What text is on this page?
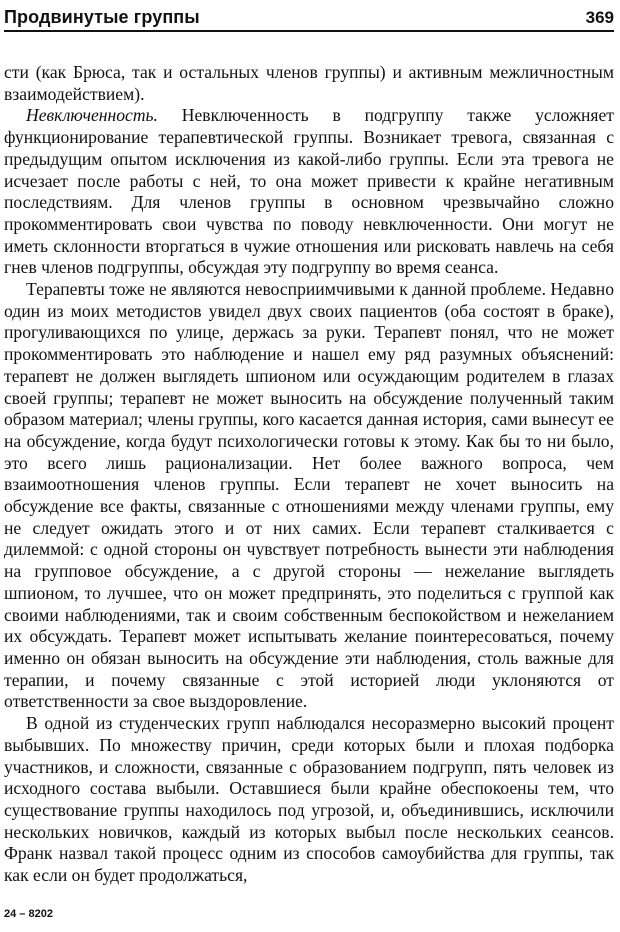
Продвинутые группы	369

сти (как Брюса, так и остальных членов группы) и активным межличностным взаимодействием).

Невключенность. Невключенность в подгруппу также усложняет функционирование терапевтической группы. Возникает тревога, связанная с предыдущим опытом исключения из какой-либо группы. Если эта тревога не исчезает после работы с ней, то она может привести к крайне негативным последствиям. Для членов группы в основном чрезвычайно сложно прокомментировать свои чувства по поводу невключенности. Они могут не иметь склонности вторгаться в чужие отношения или рисковать навлечь на себя гнев членов подгруппы, обсуждая эту подгруппу во время сеанса.

Терапевты тоже не являются невосприимчивыми к данной проблеме. Недавно один из моих методистов увидел двух своих пациентов (оба состоят в браке), прогуливающихся по улице, держась за руки. Терапевт понял, что не может прокомментировать это наблюдение и нашел ему ряд разумных объяснений: терапевт не должен выглядеть шпионом или осуждающим родителем в глазах своей группы; терапевт не может выносить на обсуждение полученный таким образом материал; члены группы, кого касается данная история, сами вынесут ее на обсуждение, когда будут психологически готовы к этому. Как бы то ни было, это всего лишь рационализации. Нет более важного вопроса, чем взаимоотношения членов группы. Если терапевт не хочет выносить на обсуждение все факты, связанные с отношениями между членами группы, ему не следует ожидать этого и от них самих. Если терапевт сталкивается с дилеммой: с одной стороны он чувствует потребность вынести эти наблюдения на групповое обсуждение, а с другой стороны — нежелание выглядеть шпионом, то лучшее, что он может предпринять, это поделиться с группой как своими наблюдениями, так и своим собственным беспокойством и нежеланием их обсуждать. Терапевт может испытывать желание поинтересоваться, почему именно он обязан выносить на обсуждение эти наблюдения, столь важные для терапии, и почему связанные с этой историей люди уклоняются от ответственности за свое выздоровление.

В одной из студенческих групп наблюдался несоразмерно высокий процент выбывших. По множеству причин, среди которых были и плохая подборка участников, и сложности, связанные с образованием подгрупп, пять человек из исходного состава выбыли. Оставшиеся были крайне обеспокоены тем, что существование группы находилось под угрозой, и, объединившись, исключили нескольких новичков, каждый из которых выбыл после нескольких сеансов. Франк назвал такой процесс одним из способов самоубийства для группы, так как если он будет продолжаться,

24 – 8202
